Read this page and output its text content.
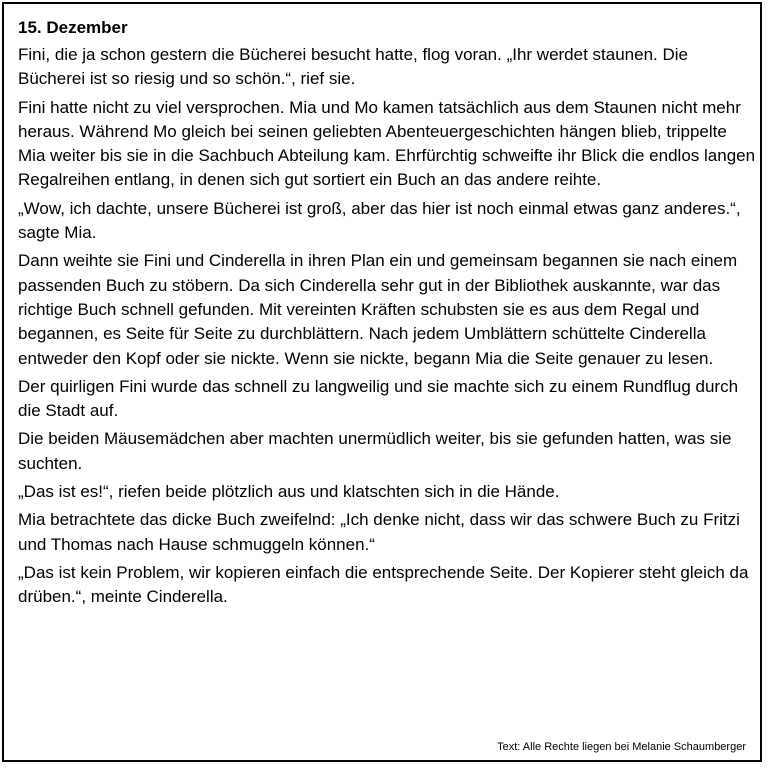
15. Dezember

Fini, die ja schon gestern die Bücherei besucht hatte, flog voran. „Ihr werdet staunen. Die Bücherei ist so riesig und so schön.“, rief sie.

Fini hatte nicht zu viel versprochen. Mia und Mo kamen tatsächlich aus dem Staunen nicht mehr heraus. Während Mo gleich bei seinen geliebten Abenteuergeschichten hängen blieb, trippelte Mia weiter bis sie in die Sachbuch Abteilung kam. Ehrfürchtig schweifte ihr Blick die endlos langen Regalreihen entlang, in denen sich gut sortiert ein Buch an das andere reihte.

„Wow, ich dachte, unsere Bücherei ist groß, aber das hier ist noch einmal etwas ganz anderes.“, sagte Mia.

Dann weihte sie Fini und Cinderella in ihren Plan ein und gemeinsam begannen sie nach einem passenden Buch zu stöbern. Da sich Cinderella sehr gut in der Bibliothek auskannte, war das richtige Buch schnell gefunden. Mit vereinten Kräften schubsten sie es aus dem Regal und begannen, es Seite für Seite zu durchblättern. Nach jedem Umblättern schüttelte Cinderella entweder den Kopf oder sie nickte. Wenn sie nickte, begann Mia die Seite genauer zu lesen.

Der quirligen Fini wurde das schnell zu langweilig und sie machte sich zu einem Rundflug durch die Stadt auf.

Die beiden Mäusemädchen aber machten unermüdlich weiter, bis sie gefunden hatten, was sie suchten.

„Das ist es!“, riefen beide plötzlich aus und klatschten sich in die Hände.

Mia betrachtete das dicke Buch zweifelnd: „Ich denke nicht, dass wir das schwere Buch zu Fritzi und Thomas nach Hause schmuggeln können.“

„Das ist kein Problem, wir kopieren einfach die entsprechende Seite. Der Kopierer steht gleich da drüben.“, meinte Cinderella.

Text: Alle Rechte liegen bei Melanie Schaumberger
